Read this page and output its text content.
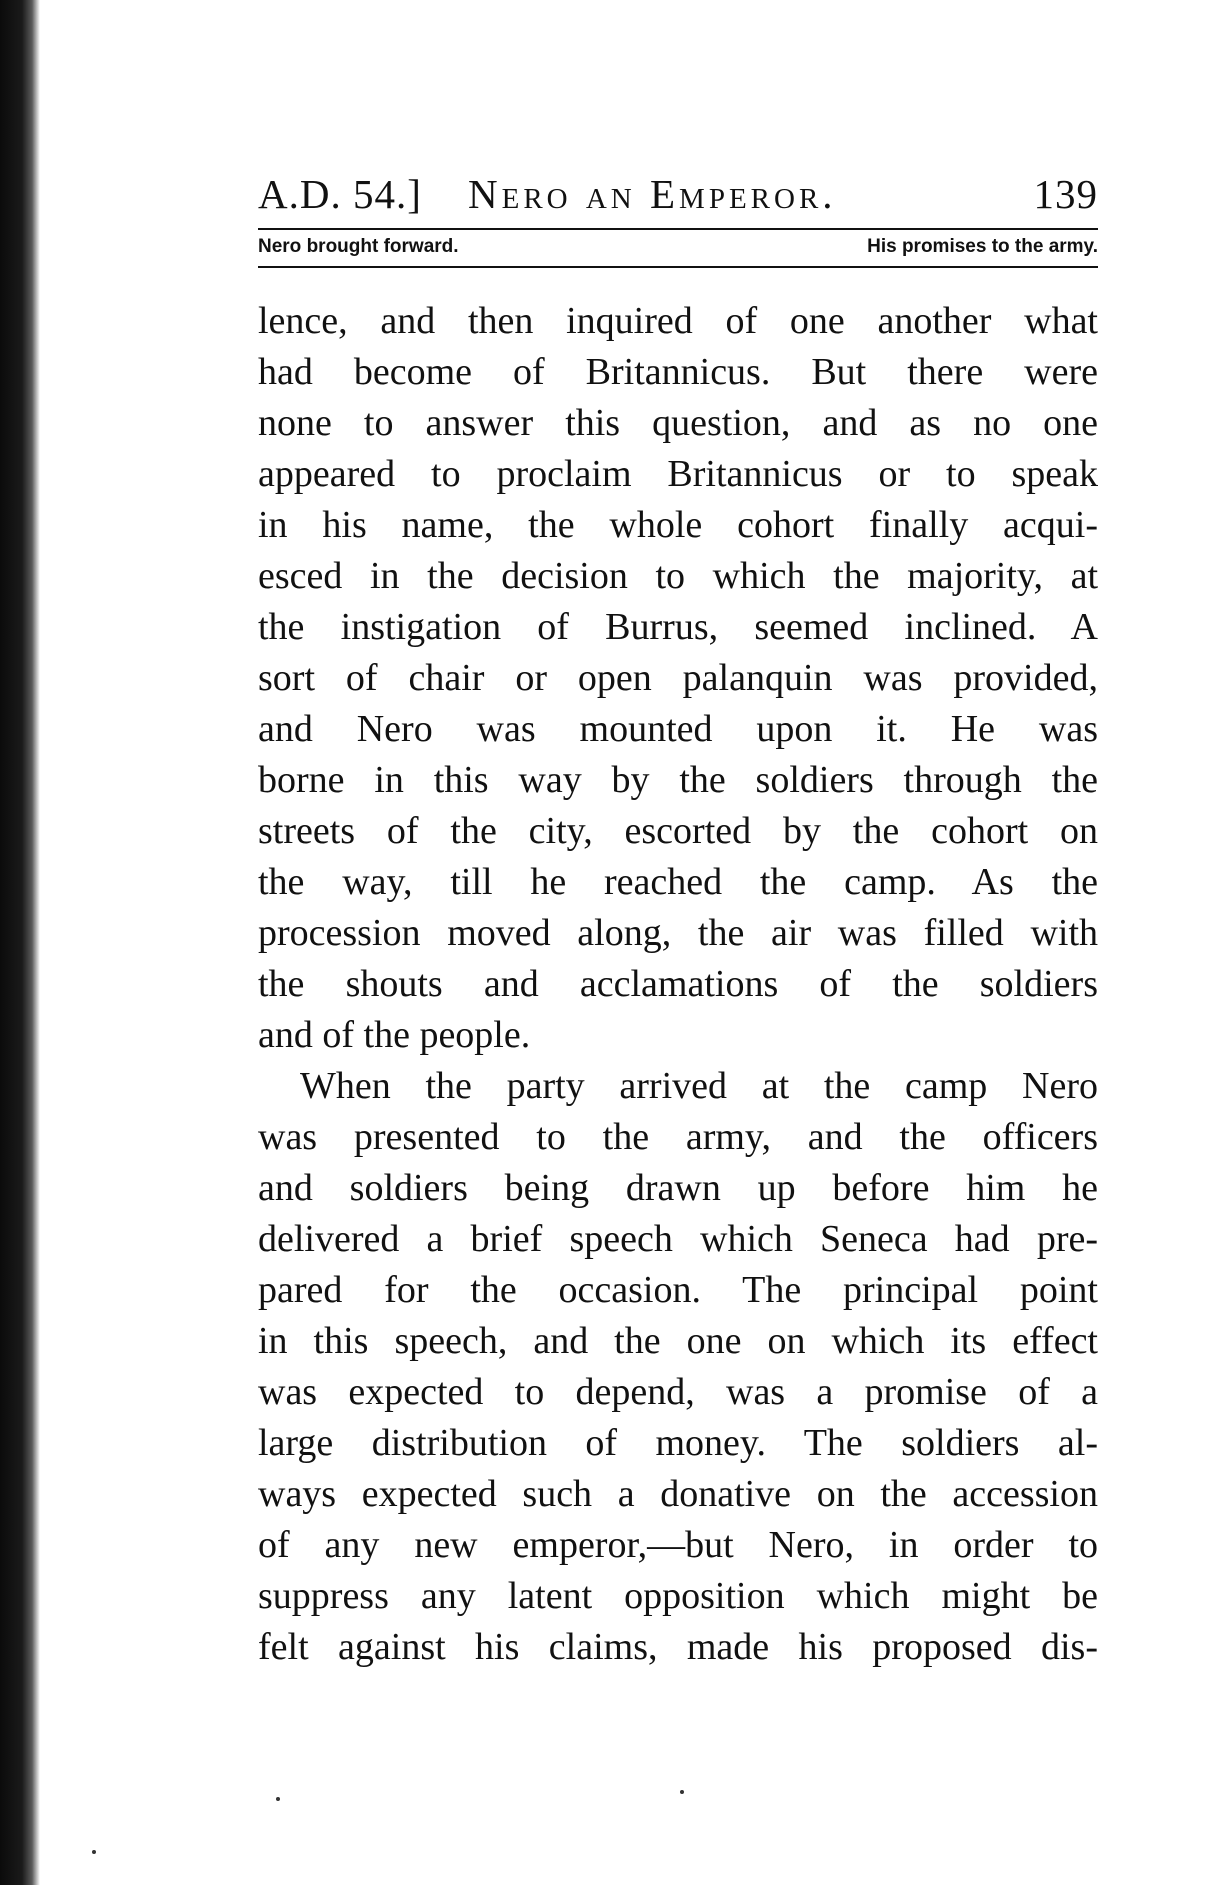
A.D. 54.] Nero an Emperor.	139
Nero brought forward.	His promises to the army.
lence, and then inquired of one another what
had become of Britannicus. But there were
none to answer this question, and as no one
appeared to proclaim Britannicus or to speak
in his name, the whole cohort finally acqui-
esced in the decision to which the majority, at
the instigation of Burrus, seemed inclined. A
sort of chair or open palanquin was provided,
and Nero was mounted upon it. He was
borne in this way by the soldiers through the
streets of the city, escorted by the cohort on
the way, till he reached the camp. As the
procession moved along, the air was filled with
the shouts and acclamations of the soldiers
and of the people.
When the party arrived at the camp Nero
was presented to the army, and the officers
and soldiers being drawn up before him he
delivered a brief speech which Seneca had pre-
pared for the occasion. The principal point
in this speech, and the one on which its effect
was expected to depend, was a promise of a
large distribution of money. The soldiers al-
ways expected such a donative on the accession
of any new emperor,—but Nero, in order to
suppress any latent opposition which might be
felt against his claims, made his proposed dis-
